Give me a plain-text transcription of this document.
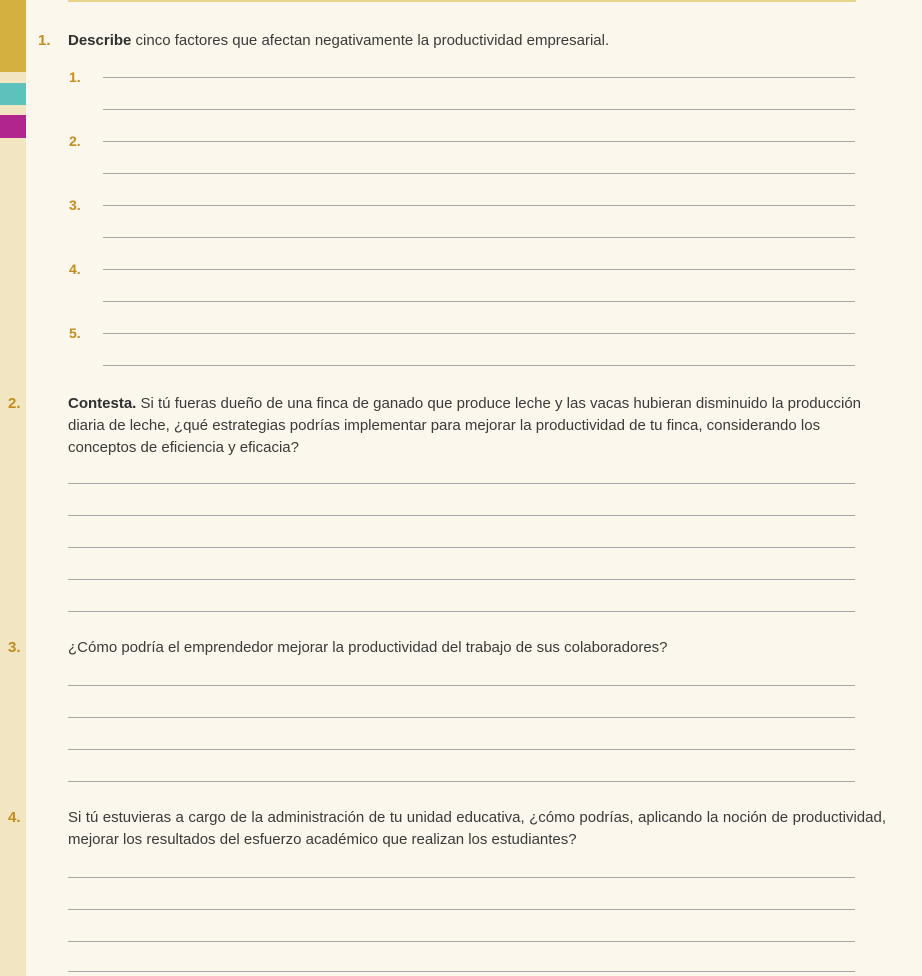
1. Describe cinco factores que afectan negativamente la productividad empresarial.
1.
2.
3.
4.
5.
2.	Contesta. Si tú fueras dueño de una finca de ganado que produce leche y las vacas hubieran disminuido la producción diaria de leche, ¿qué estrategias podrías implementar para mejorar la productividad de tu finca, considerando los conceptos de eficiencia y eficacia?
3.	¿Cómo podría el emprendedor mejorar la productividad del trabajo de sus colaboradores?
4.	Si tú estuvieras a cargo de la administración de tu unidad educativa, ¿cómo podrías, aplicando la noción de productividad, mejorar los resultados del esfuerzo académico que realizan los estudiantes?
